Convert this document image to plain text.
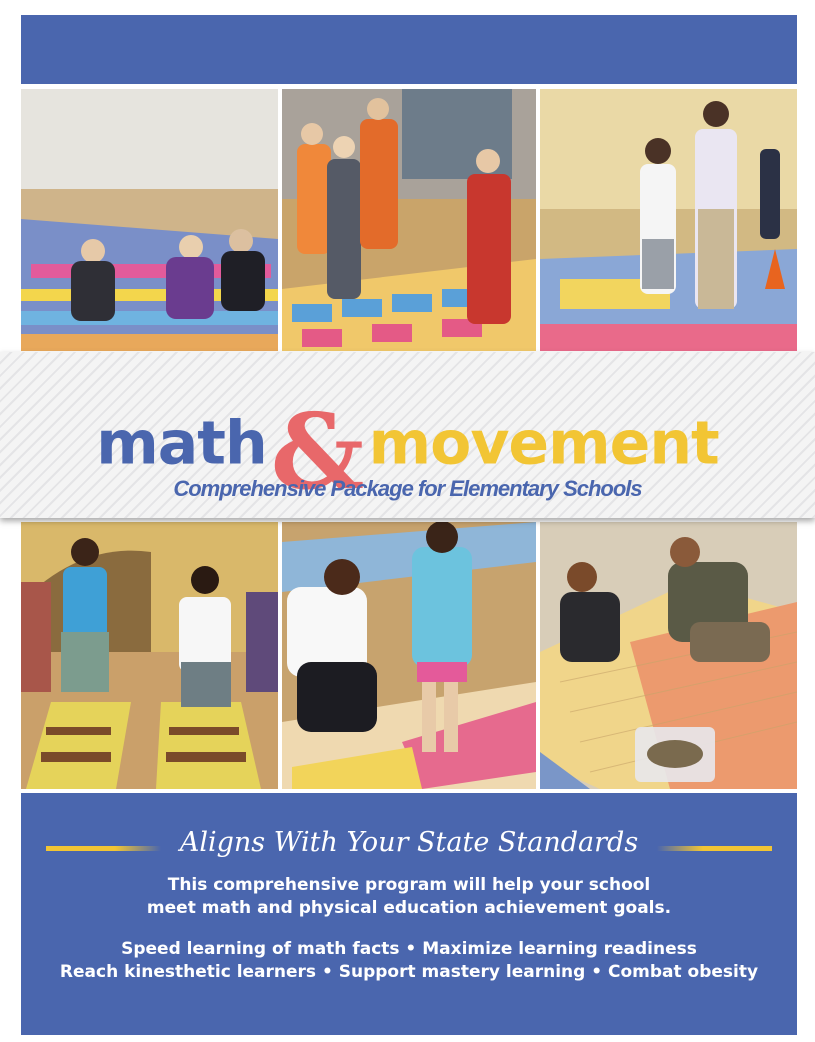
math&movement
Comprehensive Package for Elementary Schools
Aligns With Your State Standards
This comprehensive program will help your school
meet math and physical education achievement goals.
Speed learning of math facts • Maximize learning readiness
Reach kinesthetic learners • Support mastery learning • Combat obesity
